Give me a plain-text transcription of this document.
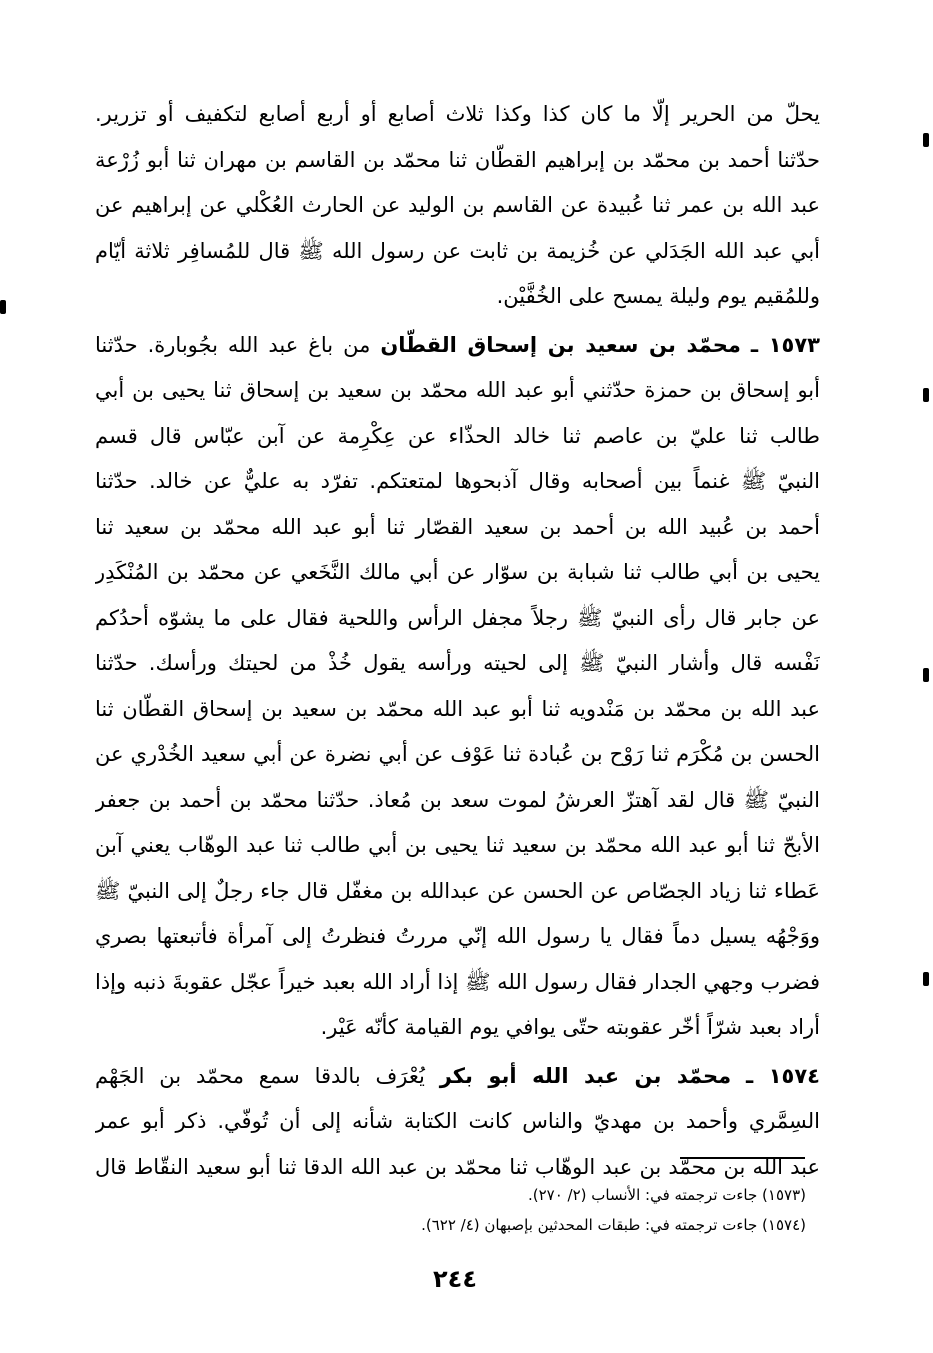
يحلّ من الحرير إلّا ما كان كذا وكذا ثلاث أصابع أو أربع أصابع لتكفيف أو تزرير.
حدّثنا أحمد بن محمّد بن إبراهيم القطّان ثنا محمّد بن القاسم بن مهران ثنا أبو زُرْعة
عبد الله بن عمر ثنا عُبيدة عن القاسم بن الوليد عن الحارث العُكْلي عن إبراهيم عن
أبي عبد الله الجَدَلي عن خُزيمة بن ثابت عن رسول الله ﷺ قال للمُسافِر ثلاثة أيّام
وللمُقيم يوم وليلة يمسح على الخُفَّيْن.
١٥٧٣ ـ محمّد بن سعيد بن إسحاق القطّان من باغ عبد الله بجُوبارة. حدّثنا
أبو إسحاق بن حمزة حدّثني أبو عبد الله محمّد بن سعيد بن إسحاق ثنا يحيى بن أبي
طالب ثنا عليّ بن عاصم ثنا خالد الحذّاء عن عِكْرِمة عن آبن عبّاس قال قسم
النبيّ ﷺ غنماً بين أصحابه وقال آذبحوها لمتعتكم. تفرّد به عليٌّ عن خالد. حدّثنا
أحمد بن عُبيد الله بن أحمد بن سعيد القصّار ثنا أبو عبد الله محمّد بن سعيد ثنا
يحيى بن أبي طالب ثنا شبابة بن سوّار عن أبي مالك النَّخَعي عن محمّد بن المُنْكَدِر
عن جابر قال رأى النبيّ ﷺ رجلاً مجفل الرأس واللحية فقال على ما يشوّه أحدُكم
نَفْسه قال وأشار النبيّ ﷺ إلى لحيته ورأسه يقول خُذْ من لحيتك ورأسك. حدّثنا
عبد الله بن محمّد بن مَنْدويه ثنا أبو عبد الله محمّد بن سعيد بن إسحاق القطّان ثنا
الحسن بن مُكْرَم ثنا رَوْح بن عُبادة ثنا عَوْف عن أبي نضرة عن أبي سعيد الخُدْري عن
النبيّ ﷺ قال لقد آهتزّ العرشُ لموت سعد بن مُعاذ. حدّثنا محمّد بن أحمد بن جعفر
الأبحّ ثنا أبو عبد الله محمّد بن سعيد ثنا يحيى بن أبي طالب ثنا عبد الوهّاب يعني آبن
عَطاء ثنا زياد الجصّاص عن الحسن عن عبدالله بن مغفّل قال جاء رجلٌ إلى النبيّ ﷺ
ووَجْهُه يسيل دماً فقال يا رسول الله إنّي مررتُ فنظرتُ إلى آمرأة فأتبعتها بصري
فضرب وجهي الجدار فقال رسول الله ﷺ إذا أراد الله بعبد خيراً عجّل عقوبةَ ذنبه وإذا
أراد بعبد شرّاً أخّر عقوبته حتّى يوافي يوم القيامة كأنّه عَيْر.
١٥٧٤ ـ محمّد بن عبد الله أبو بكر يُعْرَف بالدقا سمع محمّد بن الجَهْم
السِمَّري وأحمد بن مهديّ والناس كانت الكتابة شأنه إلى أن تُوفّي. ذكر أبو عمر
عبد الله بن محمّد بن عبد الوهّاب ثنا محمّد بن عبد الله الدقا ثنا أبو سعيد النقّاط قال
(١٥٧٣) جاءت ترجمته في: الأنساب (٢/ ٢٧٠).
(١٥٧٤) جاءت ترجمته في: طبقات المحدثين بإصبهان (٤/ ٦٢٢).
٢٤٤
